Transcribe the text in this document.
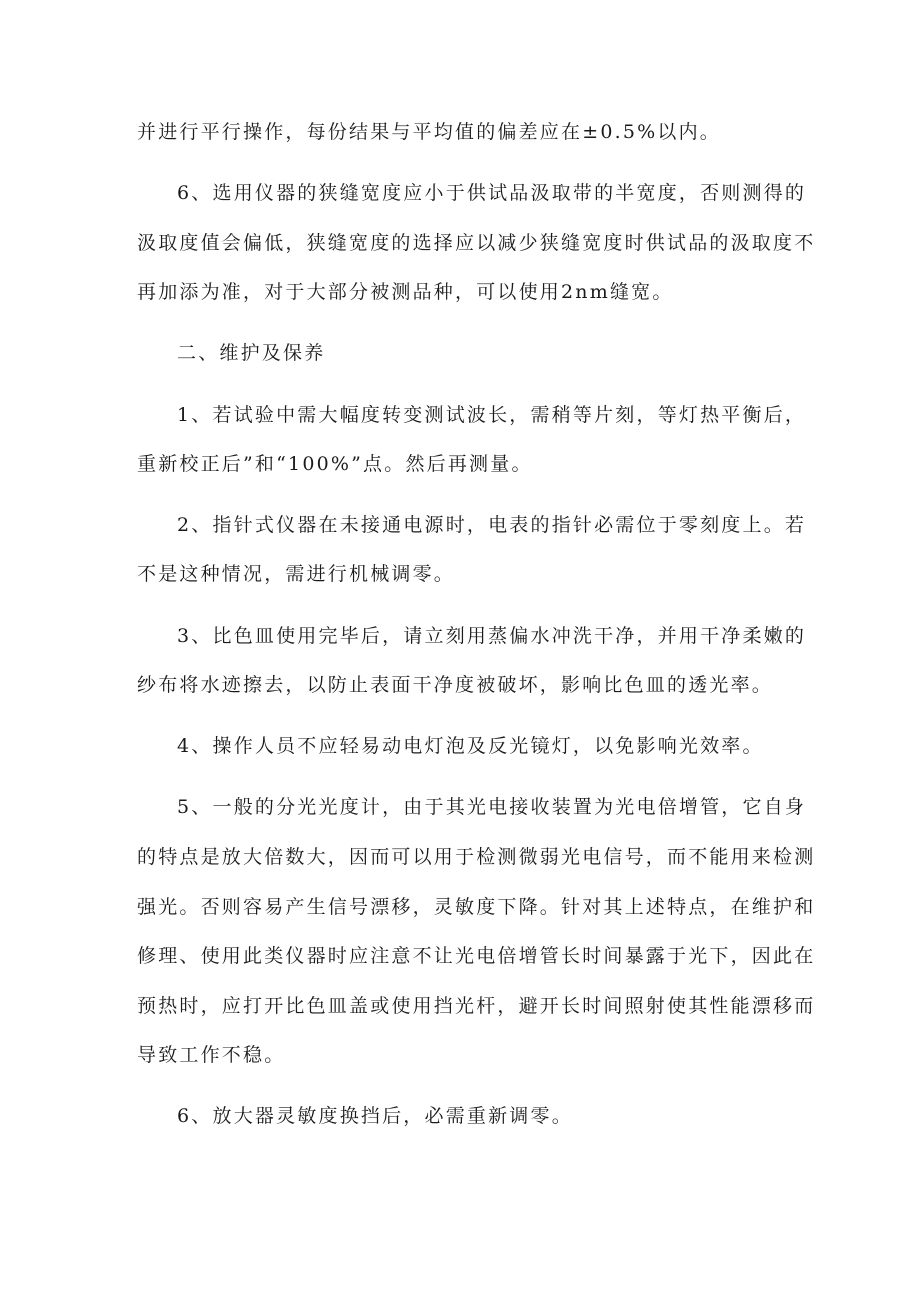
并进行平行操作，每份结果与平均值的偏差应在±0.5%以内。
6、选用仪器的狭缝宽度应小于供试品汲取带的半宽度，否则测得的
汲取度值会偏低，狭缝宽度的选择应以减少狭缝宽度时供试品的汲取度不
再加添为准，对于大部分被测品种，可以使用2nm缝宽。
二、维护及保养
1、若试验中需大幅度转变测试波长，需稍等片刻，等灯热平衡后，
重新校正后”和“100%”点。然后再测量。
2、指针式仪器在未接通电源时，电表的指针必需位于零刻度上。若
不是这种情况，需进行机械调零。
3、比色皿使用完毕后，请立刻用蒸偏水冲洗干净，并用干净柔嫩的
纱布将水迹擦去，以防止表面干净度被破坏，影响比色皿的透光率。
4、操作人员不应轻易动电灯泡及反光镜灯，以免影响光效率。
5、一般的分光光度计，由于其光电接收装置为光电倍增管，它自身
的特点是放大倍数大，因而可以用于检测微弱光电信号，而不能用来检测
强光。否则容易产生信号漂移，灵敏度下降。针对其上述特点，在维护和
修理、使用此类仪器时应注意不让光电倍增管长时间暴露于光下，因此在
预热时，应打开比色皿盖或使用挡光杆，避开长时间照射使其性能漂移而
导致工作不稳。
6、放大器灵敏度换挡后，必需重新调零。
